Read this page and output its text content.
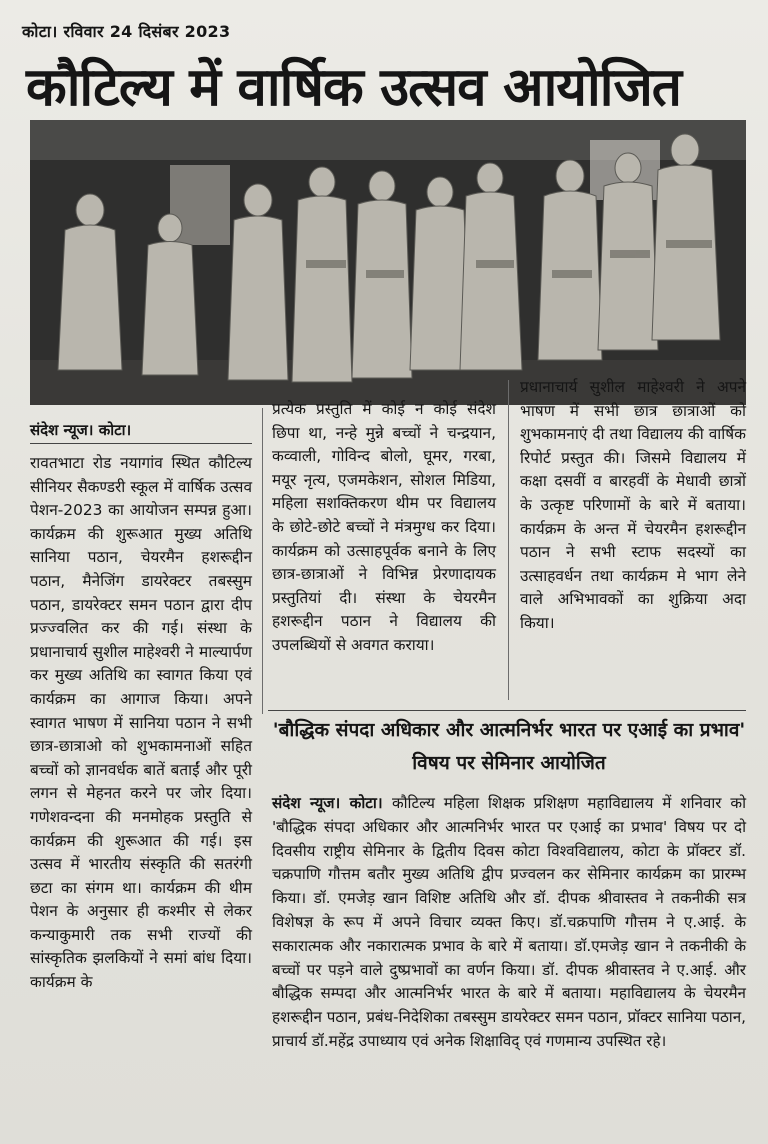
कोटा। रविवार 24 दिसंबर 2023
कौटिल्य में वार्षिक उत्सव आयोजित
संदेश न्यूज। कोटा।
रावतभाटा रोड नयागांव स्थित कौटिल्य सीनियर सैकण्डरी स्कूल में वार्षिक उत्सव पेशन-2023 का आयोजन सम्पन्न हुआ। कार्यक्रम की शुरूआत मुख्य अतिथि सानिया पठान, चेयरमैन हशरूद्दीन पठान, मैनेजिंग डायरेक्टर तबस्सुम पठान, डायरेक्टर समन पठान द्वारा दीप प्रज्ज्वलित कर की गई। संस्था के प्रधानाचार्य सुशील माहेश्वरी ने माल्यार्पण कर मुख्य अतिथि का स्वागत किया एवं कार्यक्रम का आगाज किया। अपने स्वागत भाषण में सानिया पठान ने सभी छात्र-छात्राओ को शुभकामनाओं सहित बच्चों को ज्ञानवर्धक बातें बताईं और पूरी लगन से मेहनत करने पर जोर दिया। गणेशवन्दना की मनमोहक प्रस्तुति से कार्यक्रम की शुरूआत की गई। इस उत्सव में भारतीय संस्कृति की सतरंगी छटा का संगम था। कार्यक्रम की थीम पेशन के अनुसार ही कश्मीर से लेकर कन्याकुमारी तक सभी राज्यों की सांस्कृतिक झलकियों ने समां बांध दिया। कार्यक्रम के
प्रत्येक प्रस्तुति में कोई न कोई संदेश छिपा था, नन्हे मुन्ने बच्चों ने चन्द्रयान, कव्वाली, गोविन्द बोलो, घूमर, गरबा, मयूर नृत्य, एजमकेशन, सोशल मिडिया, महिला सशक्तिकरण थीम पर विद्यालय के छोटे-छोटे बच्चों ने मंत्रमुग्ध कर दिया। कार्यक्रम को उत्साहपूर्वक बनाने के लिए छात्र-छात्राओं ने विभिन्न प्रेरणादायक प्रस्तुतियां दी। संस्था के चेयरमैन हशरूद्दीन पठान ने विद्यालय की उपलब्धियों से अवगत कराया।
प्रधानाचार्य सुशील माहेश्वरी ने अपने भाषण में सभी छात्र छात्राओं को शुभकामनाएं दी तथा विद्यालय की वार्षिक रिपोर्ट प्रस्तुत की। जिसमे विद्यालय में कक्षा दसवीं व बारहवीं के मेधावी छात्रों के उत्कृष्ट परिणामों के बारे में बताया। कार्यक्रम के अन्त में चेयरमैन हशरूद्दीन पठान ने सभी स्टाफ सदस्यों का उत्साहवर्धन तथा कार्यक्रम मे भाग लेने वाले अभिभावकों का शुक्रिया अदा किया।
'बौद्धिक संपदा अधिकार और आत्मनिर्भर भारत पर एआई का प्रभाव' विषय पर सेमिनार आयोजित
संदेश न्यूज। कोटा। कौटिल्य महिला शिक्षक प्रशिक्षण महाविद्यालय में शनिवार को 'बौद्धिक संपदा अधिकार और आत्मनिर्भर भारत पर एआई का प्रभाव' विषय पर दो दिवसीय राष्ट्रीय सेमिनार के द्वितीय दिवस कोटा विश्वविद्यालय, कोटा के प्रॉक्टर डॉ. चक्रपाणि गौत्तम बतौर मुख्य अतिथि द्वीप प्रज्वलन कर सेमिनार कार्यक्रम का प्रारम्भ किया। डॉ. एमजेड़ खान विशिष्ट अतिथि और डॉ. दीपक श्रीवास्तव ने तकनीकी सत्र विशेषज्ञ के रूप में अपने विचार व्यक्त किए। डॉ.चक्रपाणि गौत्तम ने ए.आई. के सकारात्मक और नकारात्मक प्रभाव के बारे में बताया। डॉ.एमजेड़ खान ने तकनीकी के बच्चों पर पड़ने वाले दुष्प्रभावों का वर्णन किया। डॉ. दीपक श्रीवास्तव ने ए.आई. और बौद्धिक सम्पदा और आत्मनिर्भर भारत के बारे में बताया। महाविद्यालय के चेयरमैन हशरूद्दीन पठान, प्रबंध-निदेशिका तबस्सुम डायरेक्टर समन पठान, प्रॉक्टर सानिया पठान, प्राचार्य डॉ.महेंद्र उपाध्याय एवं अनेक शिक्षाविद् एवं गणमान्य उपस्थित रहे।
